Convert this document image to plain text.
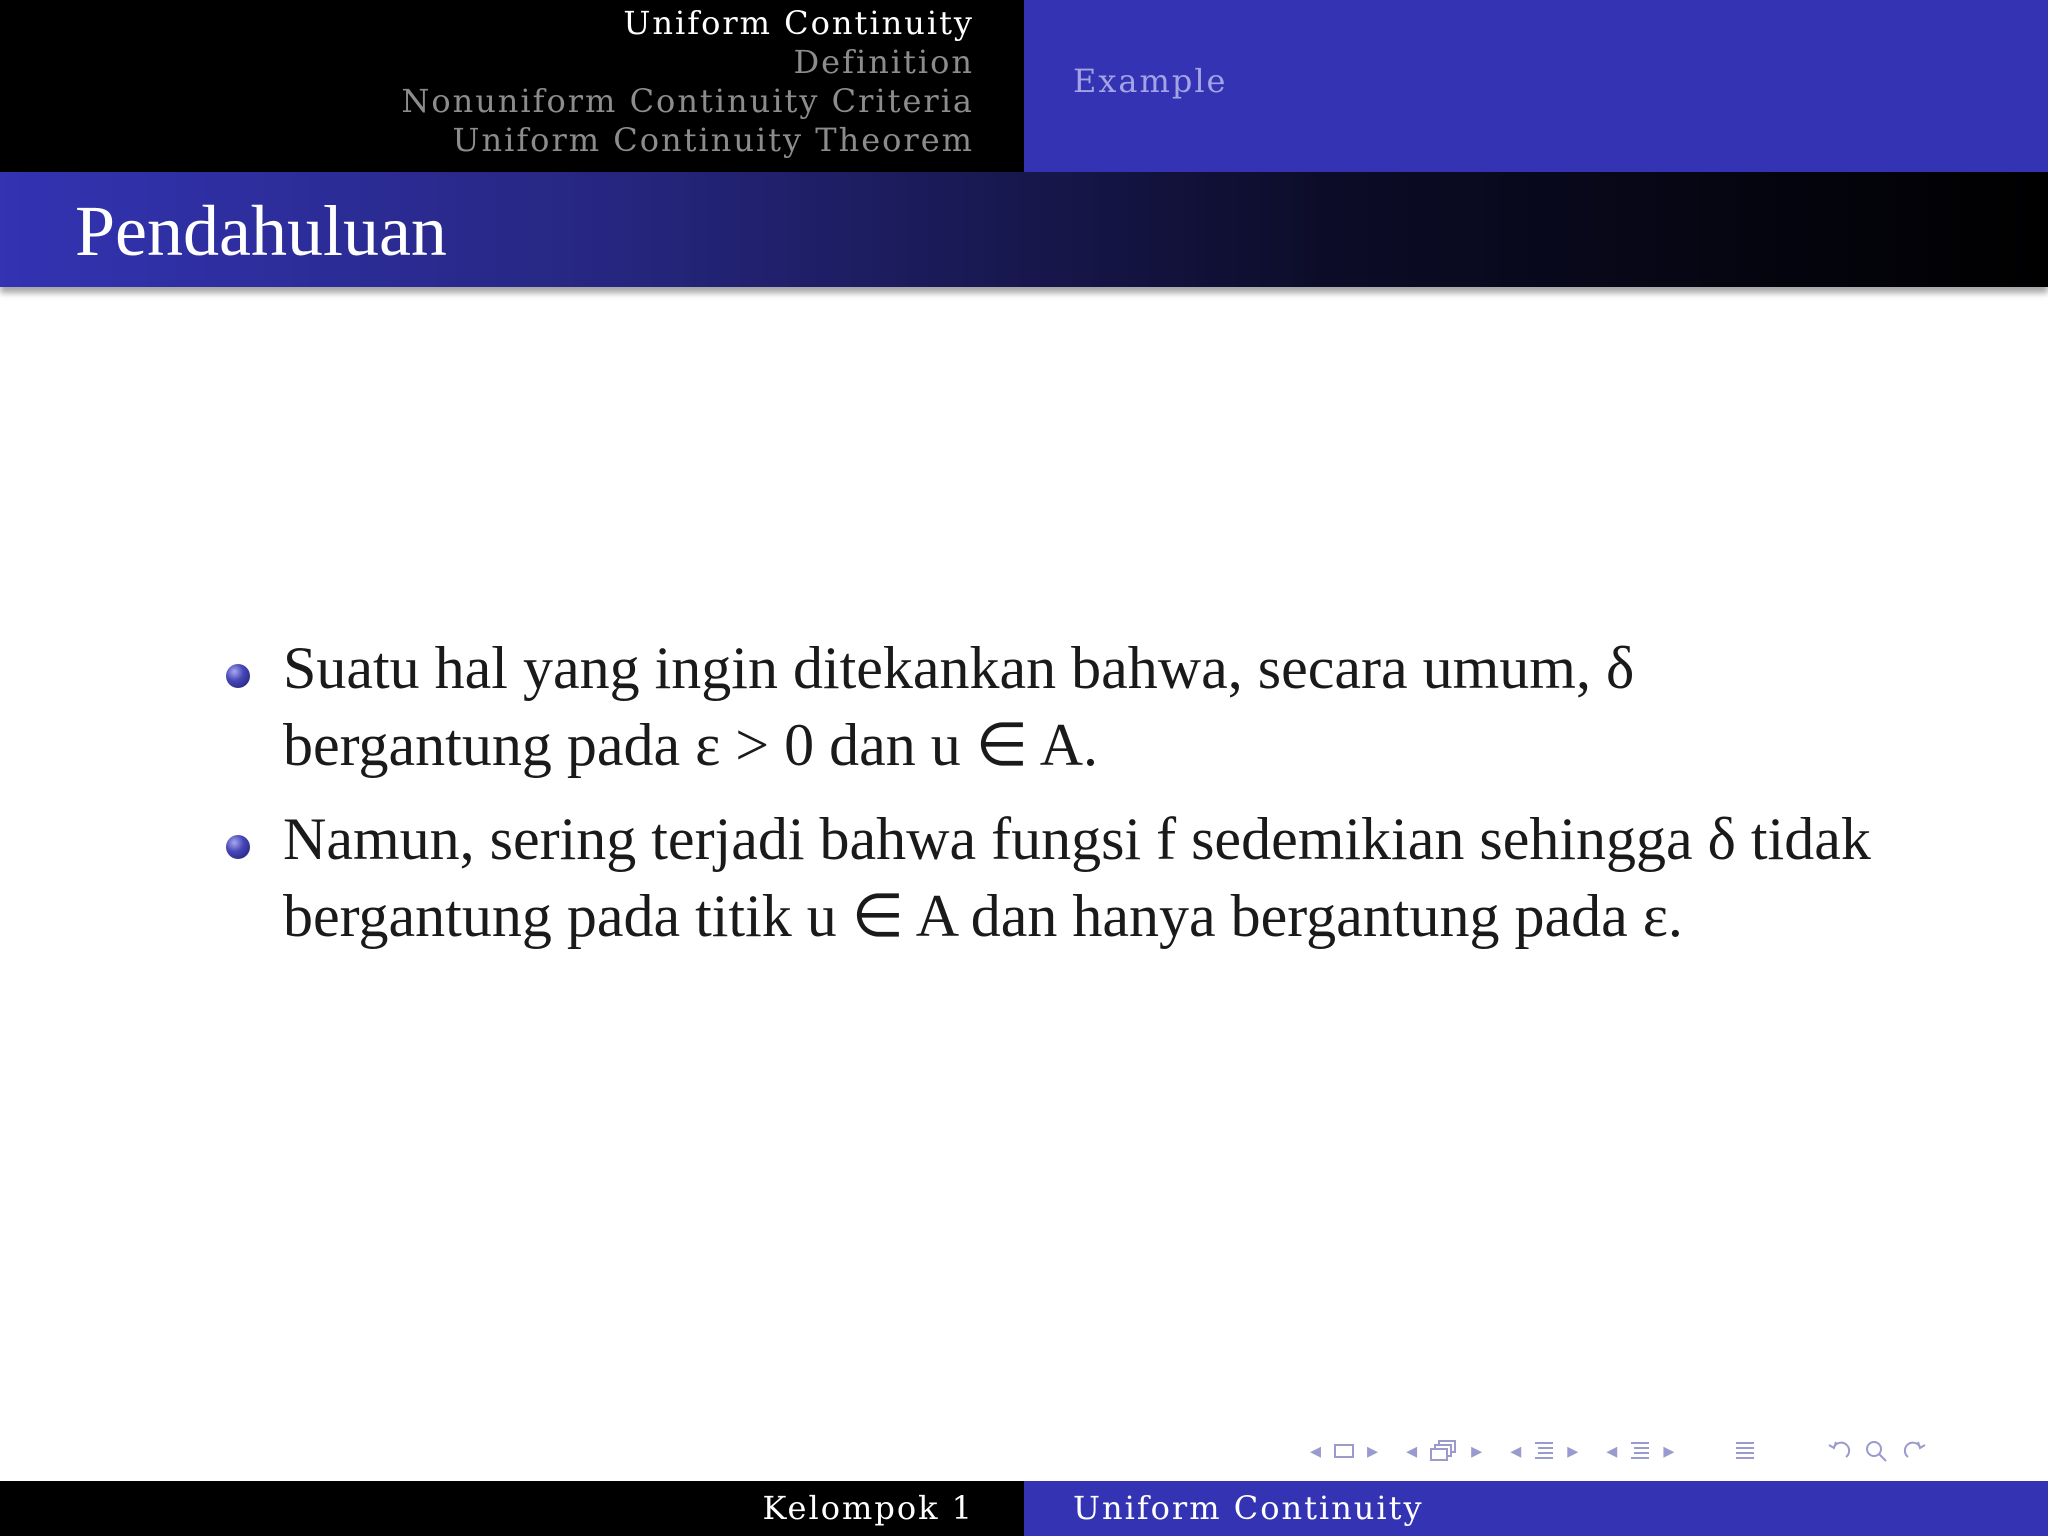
Uniform Continuity
Definition
Nonuniform Continuity Criteria
Uniform Continuity Theorem
Example
Pendahuluan
Suatu hal yang ingin ditekankan bahwa, secara umum, δ bergantung pada ε > 0 dan u ∈ A.
Namun, sering terjadi bahwa fungsi f sedemikian sehingga δ tidak bergantung pada titik u ∈ A dan hanya bergantung pada ε.
◂ ▸ ◂ ▸ ◂ ▸ ◂ ▸
Kelompok 1	Uniform Continuity
